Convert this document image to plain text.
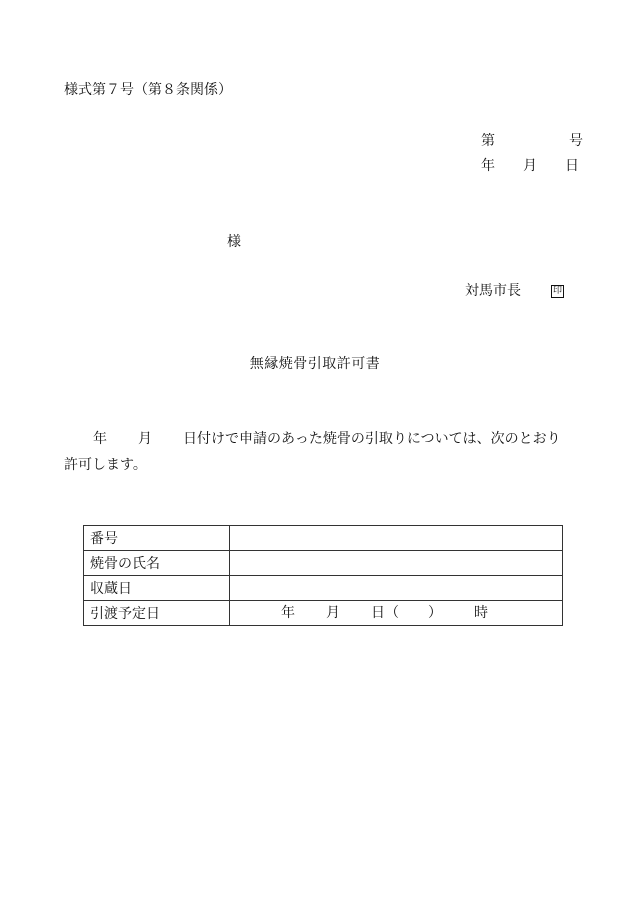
様式第７号（第８条関係）
第	号
年 月 日
様
対馬市長	印
無縁焼骨引取許可書
年 月 日付けで申請のあった焼骨の引取りについては、次のとおり
許可します。
番号	
焼骨の氏名	
収蔵日	
引渡予定日	年 月 日（ ） 時
